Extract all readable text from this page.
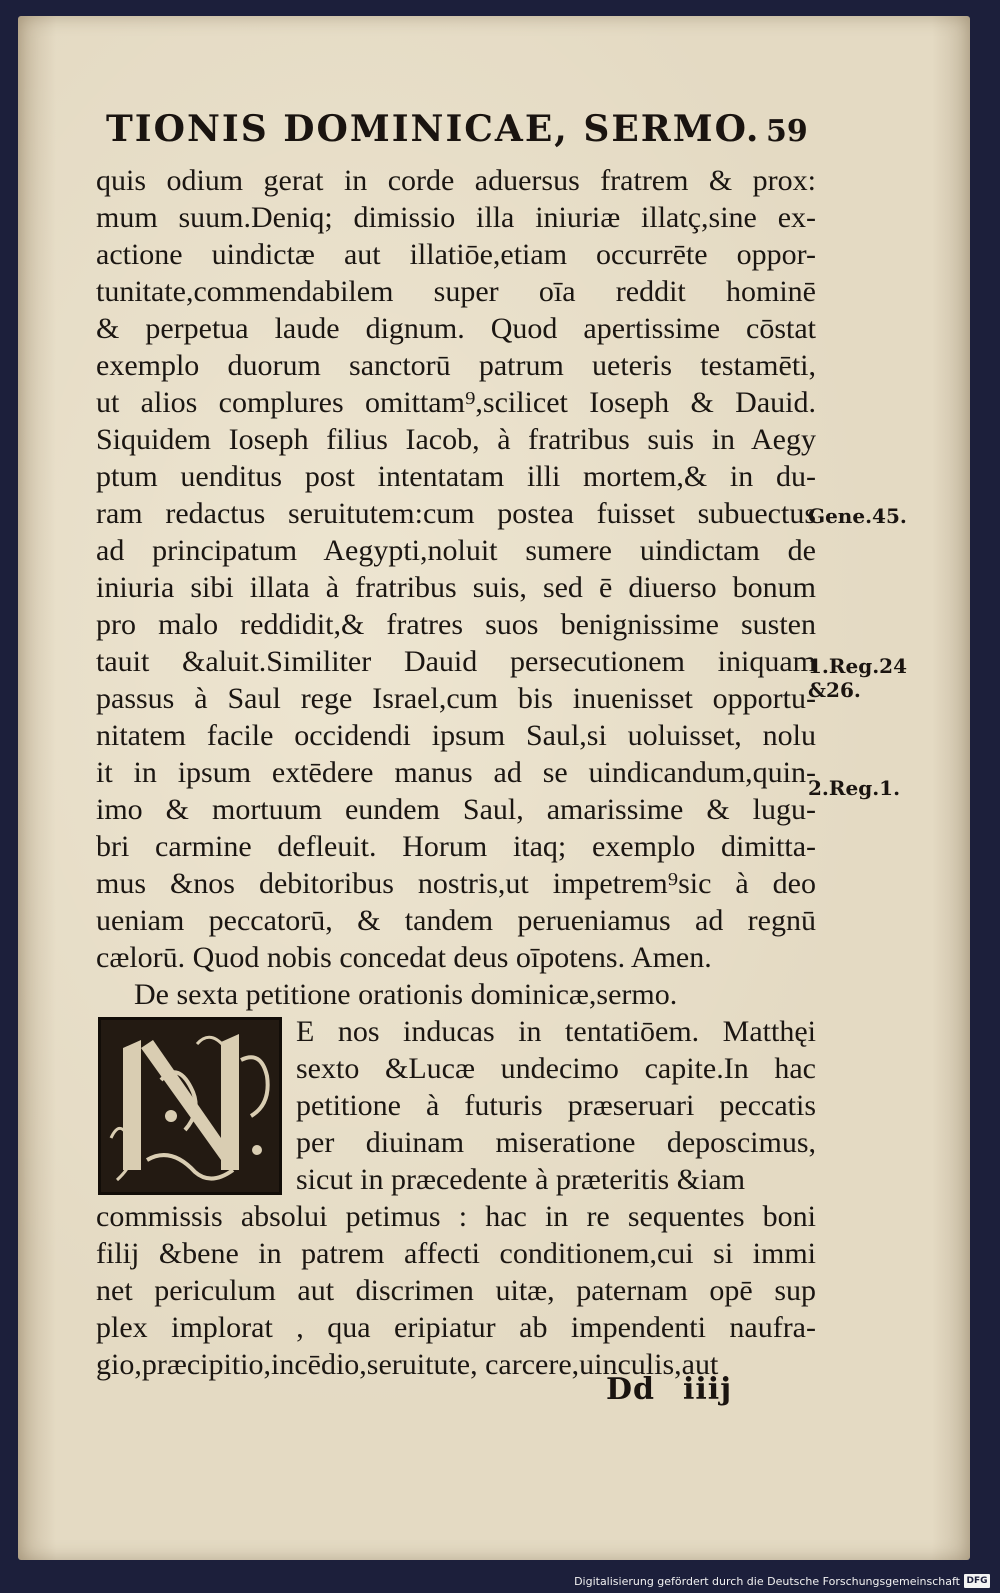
TIONIS DOMINICAE, SERMO. 59
quis odium gerat in corde aduersus fratrem & prox:
mum suum.Deniq; dimissio illa iniuriæ illatç,sine ex-
actione uindictæ aut illatiōe,etiam occurrēte oppor-
tunitate,commendabilem super oīa reddit hominē
& perpetua laude dignum. Quod apertissime cōstat
exemplo duorum sanctorū patrum ueteris testamēti,
ut alios complures omittam⁹,scilicet Ioseph & Dauid.
Siquidem Ioseph filius Iacob, à fratribus suis in Aegy
ptum uenditus post intentatam illi mortem,& in du-
ram redactus seruitutem:cum postea fuisset subuectus
ad principatum Aegypti,noluit sumere uindictam de
iniuria sibi illata à fratribus suis, sed ē diuerso bonum
pro malo reddidit,& fratres suos benignissime susten
tauit &aluit.Similiter Dauid persecutionem iniquam
passus à Saul rege Israel,cum bis inuenisset opportu-
nitatem facile occidendi ipsum Saul,si uoluisset, nolu
it in ipsum extēdere manus ad se uindicandum,quin-
imo & mortuum eundem Saul, amarissime & lugu-
bri carmine defleuit. Horum itaq; exemplo dimitta-
mus &nos debitoribus nostris,ut impetrem⁹sic à deo
ueniam peccatorū, & tandem perueniamus ad regnū
cælorū. Quod nobis concedat deus oīpotens. Amen.
De sexta petitione orationis dominicæ,sermo.
E nos inducas in tentatiōem. Matthęi
sexto &Lucæ undecimo capite.In hac
petitione à futuris præseruari peccatis
per diuinam miseratione deposcimus,
sicut in præcedente à præteritis &iam
commissis absolui petimus : hac in re sequentes boni
filij &bene in patrem affecti conditionem,cui si immi
net periculum aut discrimen uitæ, paternam opē sup
plex implorat , qua eripiatur ab impendenti naufra-
gio,præcipitio,incēdio,seruitute, carcere,uinculis,aut
Gene.45.
1.Reg.24
&26.
2.Reg.1.
Dd iiij
Digitalisierung gefördert durch die Deutsche Forschungsgemeinschaft DFG
